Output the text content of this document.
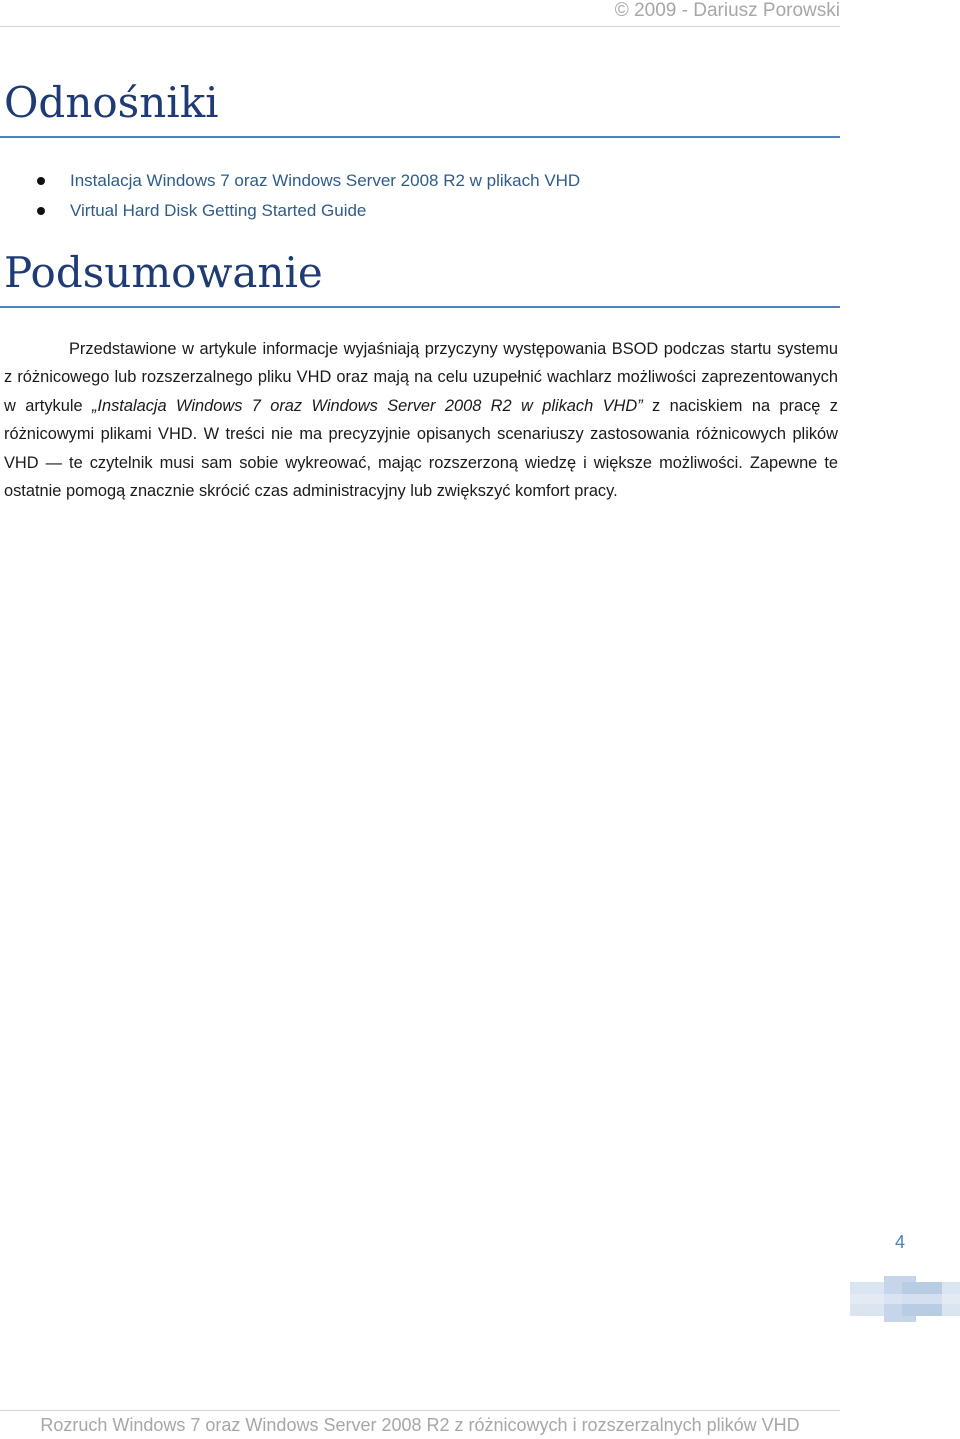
© 2009 - Dariusz Porowski
Odnośniki
Instalacja Windows 7 oraz Windows Server 2008 R2 w plikach VHD
Virtual Hard Disk Getting Started Guide
Podsumowanie

Przedstawione w artykule informacje wyjaśniają przyczyny występowania BSOD podczas startu systemu z różnicowego lub rozszerzalnego pliku VHD oraz mają na celu uzupełnić wachlarz możliwości zaprezentowanych w artykule „Instalacja Windows 7 oraz Windows Server 2008 R2 w plikach VHD” z naciskiem na pracę z różnicowymi plikami VHD. W treści nie ma precyzyjnie opisanych scenariuszy zastosowania różnicowych plików VHD — te czytelnik musi sam sobie wykreować, mając rozszerzoną wiedzę i większe możliwości. Zapewne te ostatnie pomogą znacznie skrócić czas administracyjny lub zwiększyć komfort pracy.

4
Rozruch Windows 7 oraz Windows Server 2008 R2 z różnicowych i rozszerzalnych plików VHD
